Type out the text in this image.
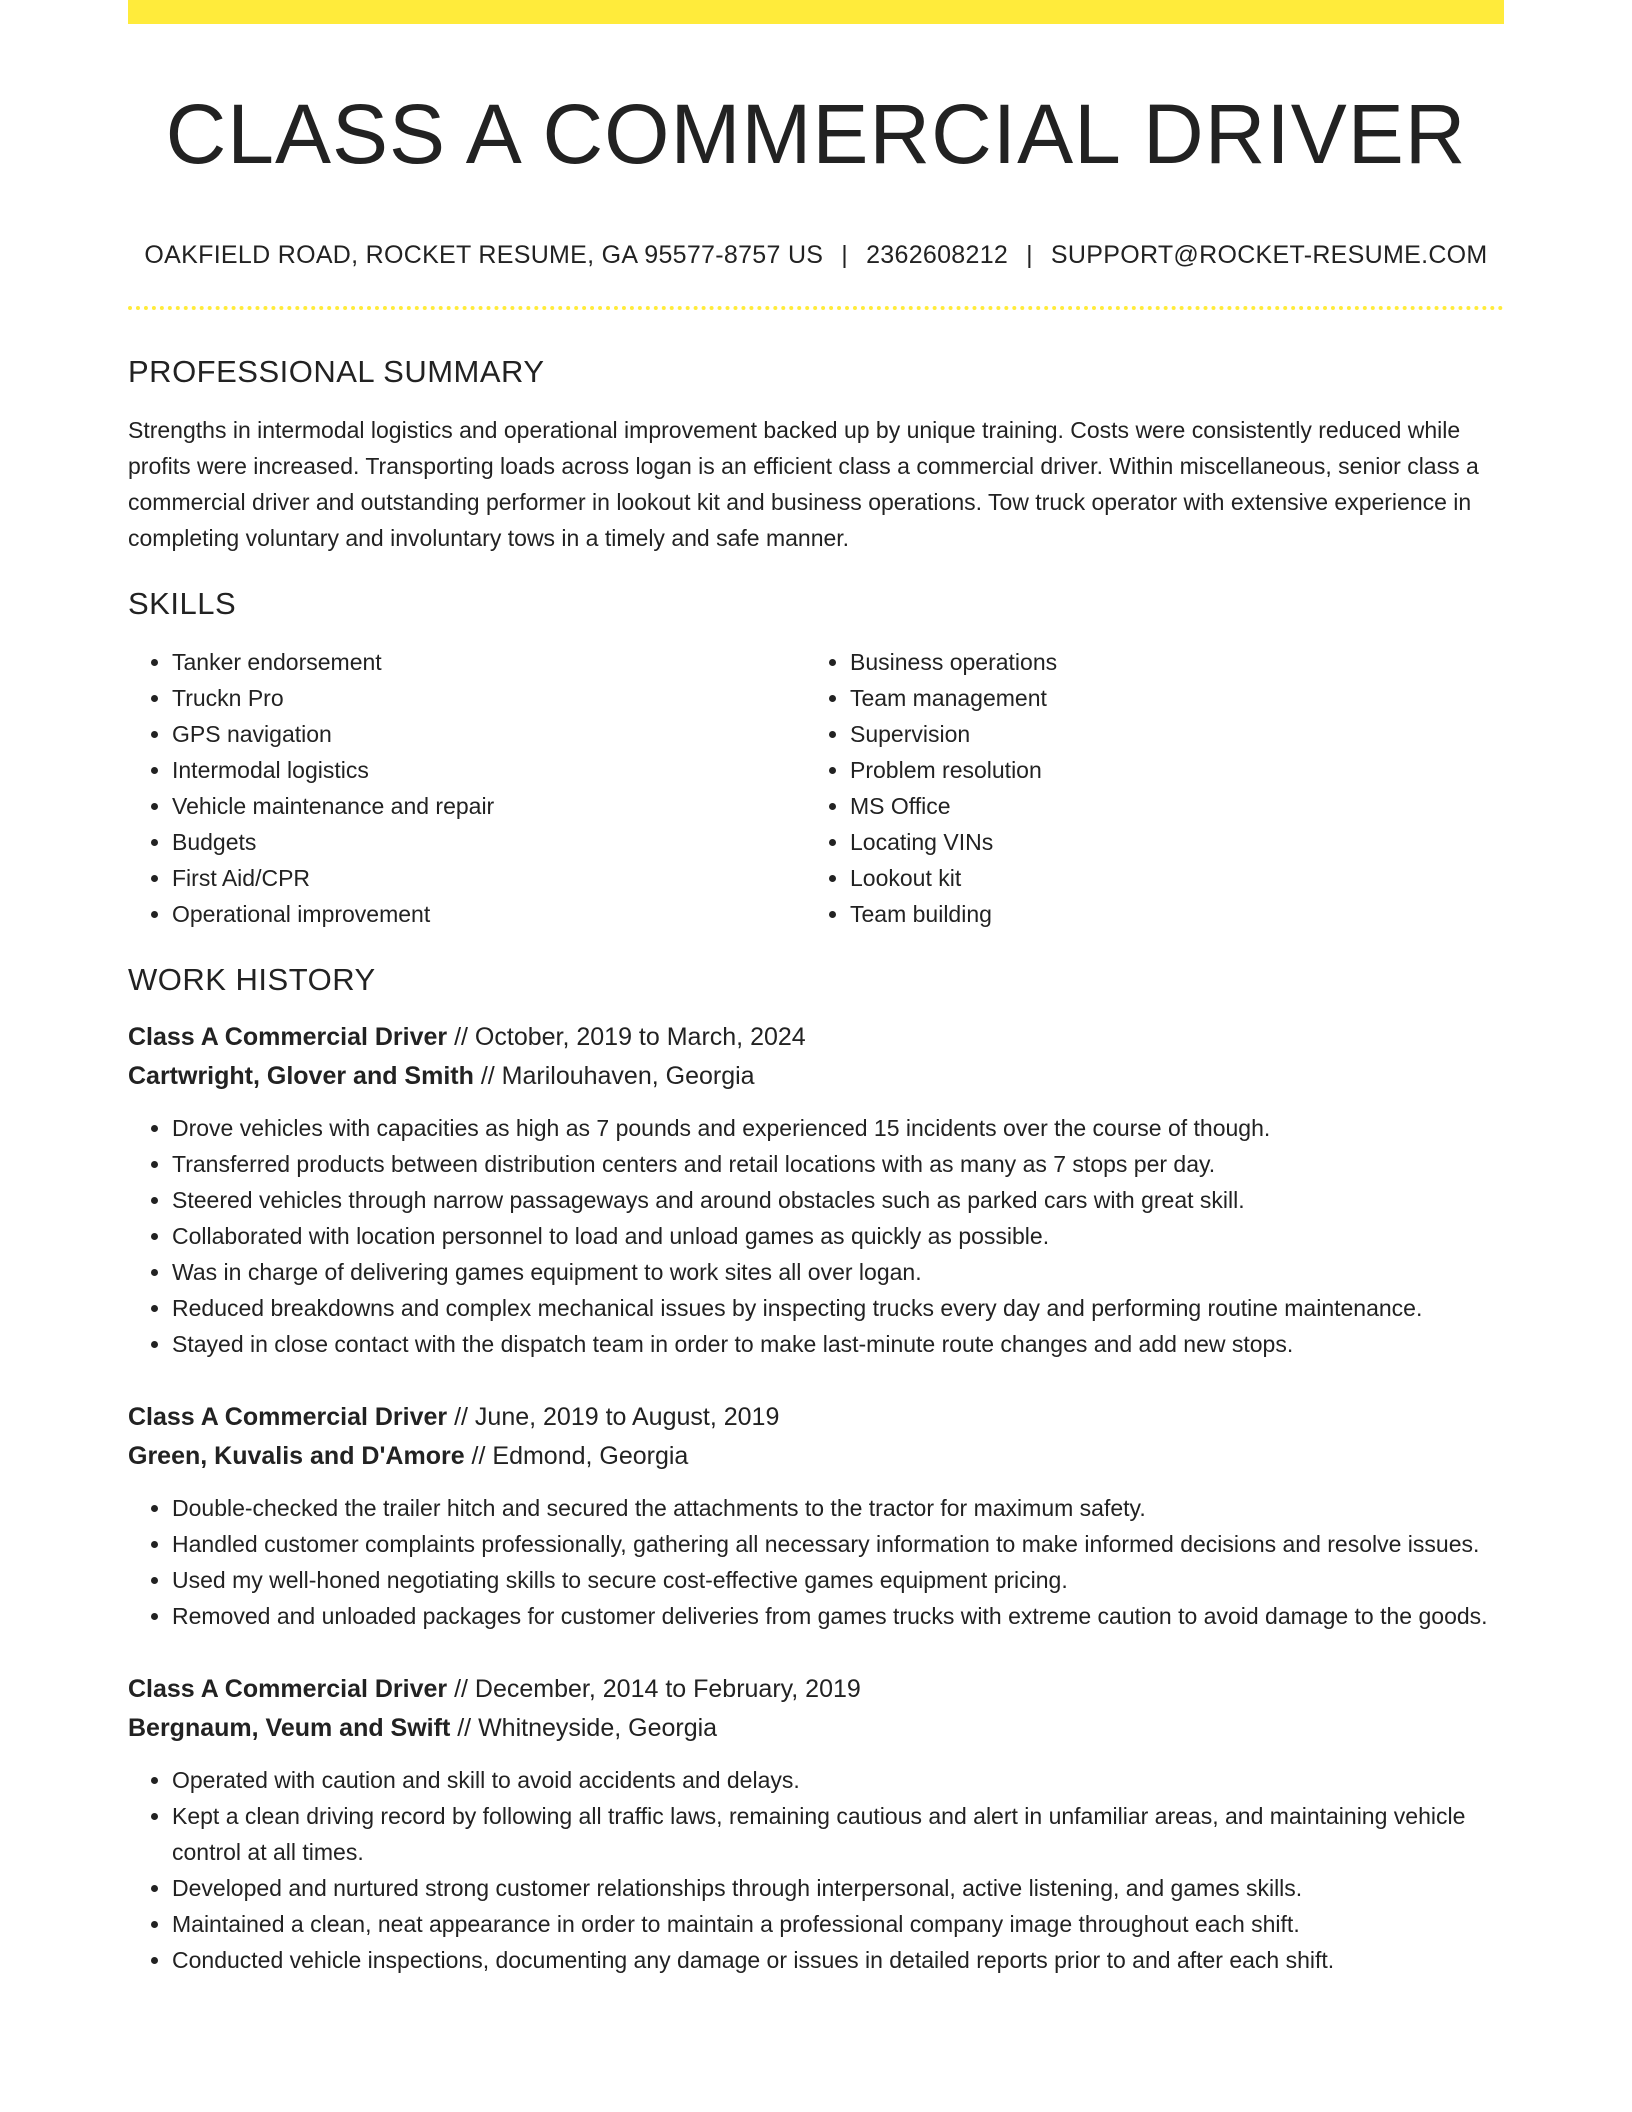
CLASS A COMMERCIAL DRIVER
OAKFIELD ROAD, ROCKET RESUME, GA 95577-8757 US | 2362608212 | SUPPORT@ROCKET-RESUME.COM
PROFESSIONAL SUMMARY

Strengths in intermodal logistics and operational improvement backed up by unique training. Costs were consistently reduced while profits were increased. Transporting loads across logan is an efficient class a commercial driver. Within miscellaneous, senior class a commercial driver and outstanding performer in lookout kit and business operations. Tow truck operator with extensive experience in completing voluntary and involuntary tows in a timely and safe manner.

SKILLS
• Tanker endorsement
• Truckn Pro
• GPS navigation
• Intermodal logistics
• Vehicle maintenance and repair
• Budgets
• First Aid/CPR
• Operational improvement
• Business operations
• Team management
• Supervision
• Problem resolution
• MS Office
• Locating VINs
• Lookout kit
• Team building
WORK HISTORY
Class A Commercial Driver // October, 2019 to March, 2024
Cartwright, Glover and Smith // Marilouhaven, Georgia
• Drove vehicles with capacities as high as 7 pounds and experienced 15 incidents over the course of though.
• Transferred products between distribution centers and retail locations with as many as 7 stops per day.
• Steered vehicles through narrow passageways and around obstacles such as parked cars with great skill.
• Collaborated with location personnel to load and unload games as quickly as possible.
• Was in charge of delivering games equipment to work sites all over logan.
• Reduced breakdowns and complex mechanical issues by inspecting trucks every day and performing routine maintenance.
• Stayed in close contact with the dispatch team in order to make last-minute route changes and add new stops.
Class A Commercial Driver // June, 2019 to August, 2019
Green, Kuvalis and D'Amore // Edmond, Georgia
• Double-checked the trailer hitch and secured the attachments to the tractor for maximum safety.
• Handled customer complaints professionally, gathering all necessary information to make informed decisions and resolve issues.
• Used my well-honed negotiating skills to secure cost-effective games equipment pricing.
• Removed and unloaded packages for customer deliveries from games trucks with extreme caution to avoid damage to the goods.
Class A Commercial Driver // December, 2014 to February, 2019
Bergnaum, Veum and Swift // Whitneyside, Georgia
• Operated with caution and skill to avoid accidents and delays.
• Kept a clean driving record by following all traffic laws, remaining cautious and alert in unfamiliar areas, and maintaining vehicle control at all times.
• Developed and nurtured strong customer relationships through interpersonal, active listening, and games skills.
• Maintained a clean, neat appearance in order to maintain a professional company image throughout each shift.
• Conducted vehicle inspections, documenting any damage or issues in detailed reports prior to and after each shift.
